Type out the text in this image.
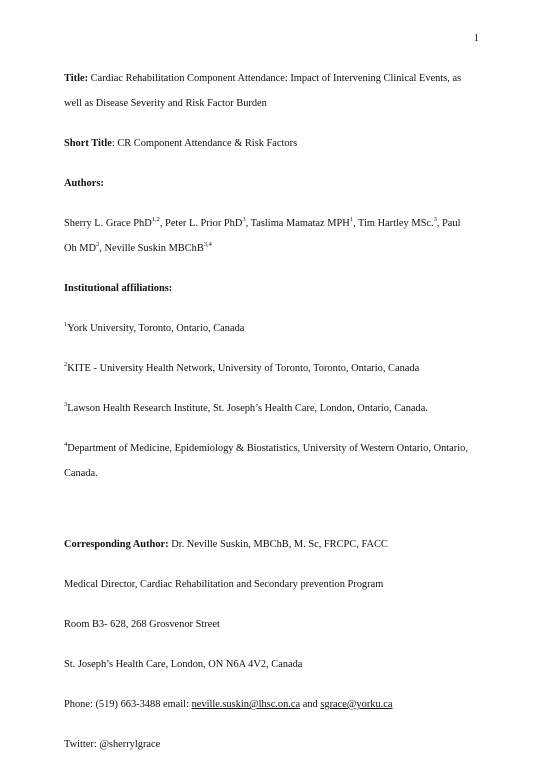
1

Title: Cardiac Rehabilitation Component Attendance: Impact of Intervening Clinical Events, as

well as Disease Severity and Risk Factor Burden

Short Title: CR Component Attendance & Risk Factors

Authors:

Sherry L. Grace PhD$^{1,2}$, Peter L. Prior PhD$^3$, Taslima Mamataz MPH$^1$, Tim Hartley MSc.$^3$, Paul

Oh $MD^2$, Neville Suskin MBChB$^{3,4}$

Institutional affiliations:

$^1$York University, Toronto, Ontario, Canada

$^2$KITE - University Health Network, University of Toronto, Toronto, Ontario, Canada

$^3$Lawson Health Research Institute, St. Joseph’s Health Care, London, Ontario, Canada.

$^4$Department of Medicine, Epidemiology & Biostatistics, University of Western Ontario, Ontario,

Canada.

Corresponding Author: Dr. Neville Suskin, MBChB, M. Sc, FRCPC, FACC

Medical Director, Cardiac Rehabilitation and Secondary prevention Program

Room B3- 628, 268 Grosvenor Street

St. Joseph’s Health Care, London, ON N6A 4V2, Canada

Phone: (519) 663-3488 email: neville.suskin@lhsc.on.ca and sgrace@yorku.ca

Twitter: @sherrylgrace
